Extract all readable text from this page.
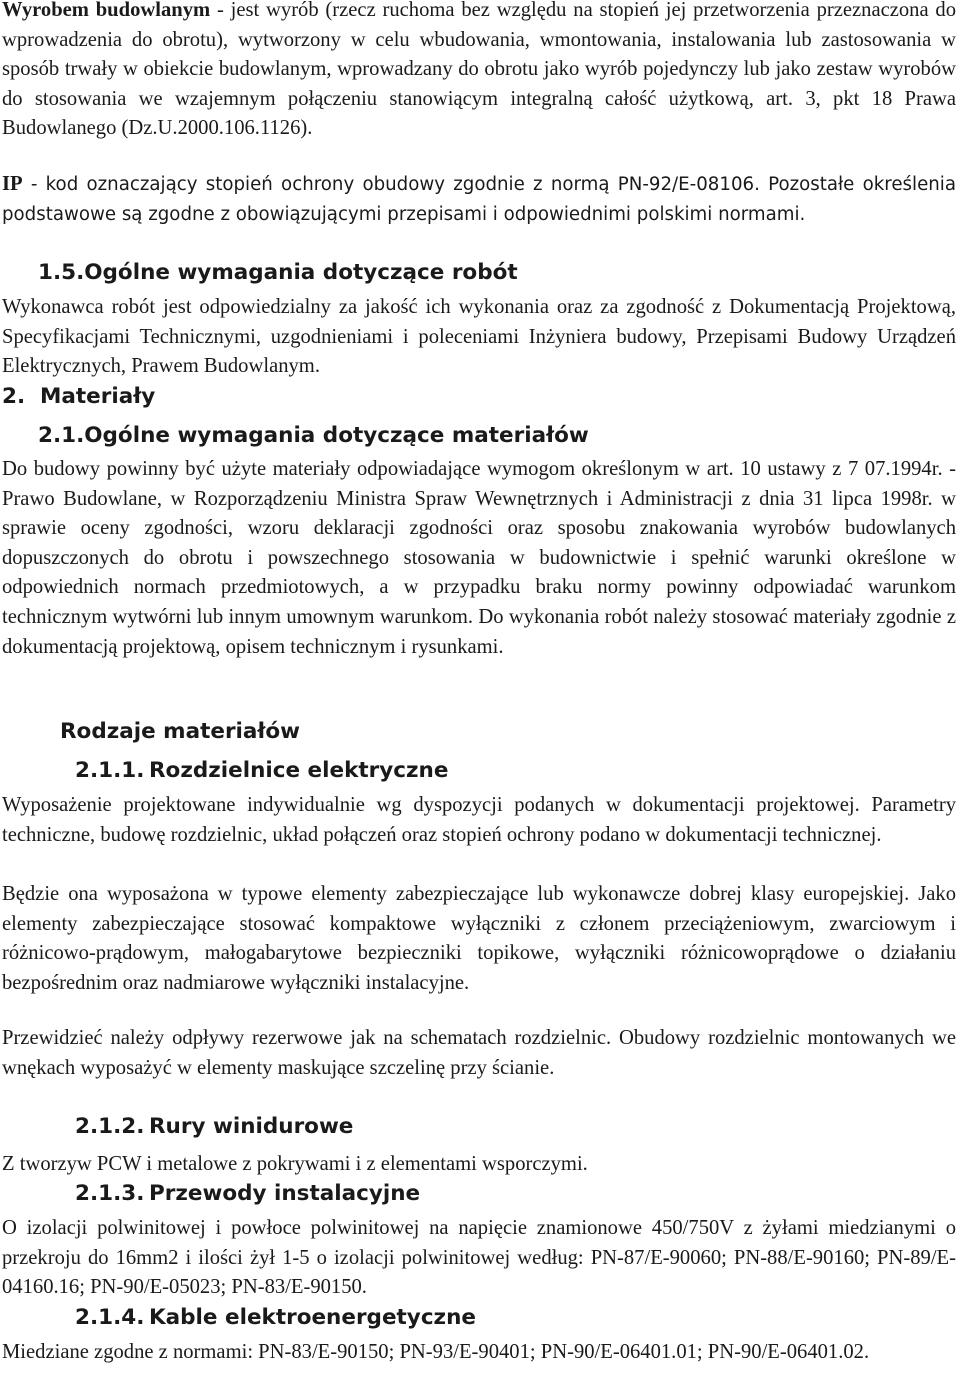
Wyrobem budowlanym - jest wyrób (rzecz ruchoma bez względu na stopień jej przetworzenia przeznaczona do wprowadzenia do obrotu), wytworzony w celu wbudowania, wmontowania, instalowania lub zastosowania w sposób trwały w obiekcie budowlanym, wprowadzany do obrotu jako wyrób pojedynczy lub jako zestaw wyrobów do stosowania we wzajemnym połączeniu stanowiącym integralną całość użytkową, art. 3, pkt 18 Prawa Budowlanego (Dz.U.2000.106.1126).

IP - kod oznaczający stopień ochrony obudowy zgodnie z normą PN-92/E-08106. Pozostałe określenia podstawowe są zgodne z obowiązującymi przepisami i odpowiednimi polskimi normami.

1.5.Ogólne wymagania dotyczące robót

Wykonawca robót jest odpowiedzialny za jakość ich wykonania oraz za zgodność z Dokumentacją Projektową, Specyfikacjami Technicznymi, uzgodnieniami i poleceniami Inżyniera budowy, Przepisami Budowy Urządzeń Elektrycznych, Prawem Budowlanym.

2. Materiały
2.1.Ogólne wymagania dotyczące materiałów

Do budowy powinny być użyte materiały odpowiadające wymogom określonym w art. 10 ustawy z 7 07.1994r. - Prawo Budowlane, w Rozporządzeniu Ministra Spraw Wewnętrznych i Administracji z dnia 31 lipca 1998r. w sprawie oceny zgodności, wzoru deklaracji zgodności oraz sposobu znakowania wyrobów budowlanych dopuszczonych do obrotu i powszechnego stosowania w budownictwie i spełnić warunki określone w odpowiednich normach przedmiotowych, a w przypadku braku normy powinny odpowiadać warunkom technicznym wytwórni lub innym umownym warunkom. Do wykonania robót należy stosować materiały zgodnie z dokumentacją projektową, opisem technicznym i rysunkami.

Rodzaje materiałów
2.1.1. Rozdzielnice elektryczne

Wyposażenie projektowane indywidualnie wg dyspozycji podanych w dokumentacji projektowej. Parametry techniczne, budowę rozdzielnic, układ połączeń oraz stopień ochrony podano w dokumentacji technicznej.

Będzie ona wyposażona w typowe elementy zabezpieczające lub wykonawcze dobrej klasy europejskiej. Jako elementy zabezpieczające stosować kompaktowe wyłączniki z członem przeciążeniowym, zwarciowym i różnicowo-prądowym, małogabarytowe bezpieczniki topikowe, wyłączniki różnicowoprądowe o działaniu bezpośrednim oraz nadmiarowe wyłączniki instalacyjne.

Przewidzieć należy odpływy rezerwowe jak na schematach rozdzielnic. Obudowy rozdzielnic montowanych we wnękach wyposażyć w elementy maskujące szczelinę przy ścianie.

2.1.2. Rury winidurowe

Z tworzyw PCW i metalowe z pokrywami i z elementami wsporczymi.

2.1.3. Przewody instalacyjne

O izolacji polwinitowej i powłoce polwinitowej na napięcie znamionowe 450/750V z żyłami miedzianymi o przekroju do 16mm2 i ilości żył 1-5 o izolacji polwinitowej według: PN-87/E-90060; PN-88/E-90160; PN-89/E-04160.16; PN-90/E-05023; PN-83/E-90150.

2.1.4. Kable elektroenergetyczne

Miedziane zgodne z normami: PN-83/E-90150; PN-93/E-90401; PN-90/E-06401.01; PN-90/E-06401.02.
